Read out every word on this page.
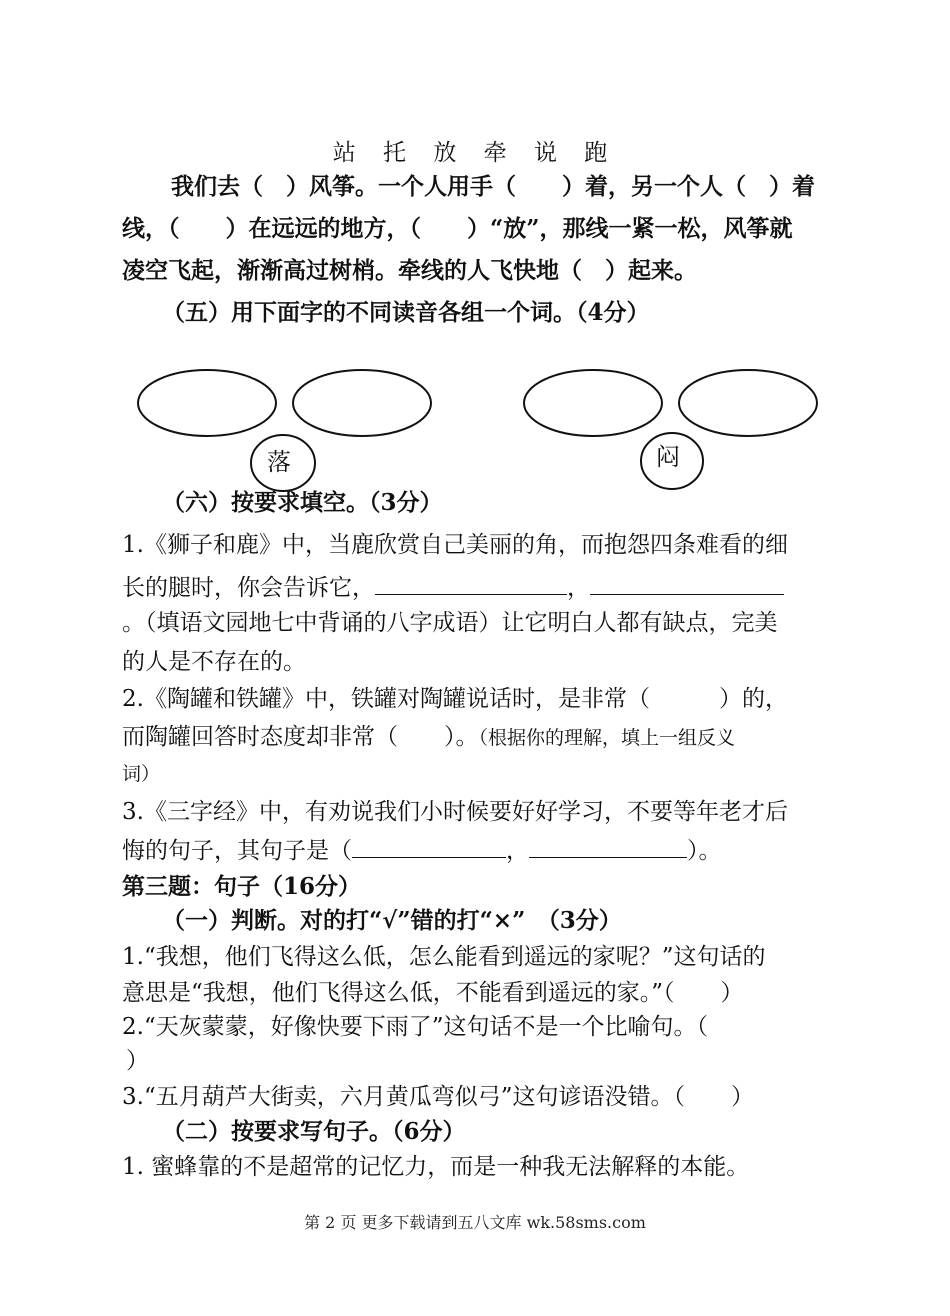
站 托 放 牵 说 跑
我们去（　）风筝。一个人用手（　　）着，另一个人（　）着
线，（　　）在远远的地方，（　　）“放”，那线一紧一松，风筝就
凌空飞起，渐渐高过树梢。牵线的人飞快地（　）起来。
（五）用下面字的不同读音各组一个词。（4分）
落	闷
（六）按要求填空。（3分）
1.《狮子和鹿》中，当鹿欣赏自己美丽的角，而抱怨四条难看的细
长的腿时，你会告诉它，	，
。（填语文园地七中背诵的八字成语）让它明白人都有缺点，完美
的人是不存在的。
2.《陶罐和铁罐》中，铁罐对陶罐说话时，是非常（　　　）的，
而陶罐回答时态度却非常（　　）。（根据你的理解，填上一组反义
词）
3.《三字经》中，有劝说我们小时候要好好学习，不要等年老才后
悔的句子，其句子是（	，	）。
第三题：句子（16分）
（一）判断。对的打“√”错的打“×”　（3分）
1.“我想，他们飞得这么低，怎么能看到遥远的家呢？”这句话的
意思是“我想，他们飞得这么低，不能看到遥远的家。”（　　）
2.“天灰蒙蒙，好像快要下雨了”这句话不是一个比喻句。（
）
3.“五月葫芦大街卖，六月黄瓜弯似弓”这句谚语没错。（　　）
（二）按要求写句子。（6分）
1. 蜜蜂靠的不是超常的记忆力，而是一种我无法解释的本能。
第 2 页 更多下载请到五八文库 wk.58sms.com
